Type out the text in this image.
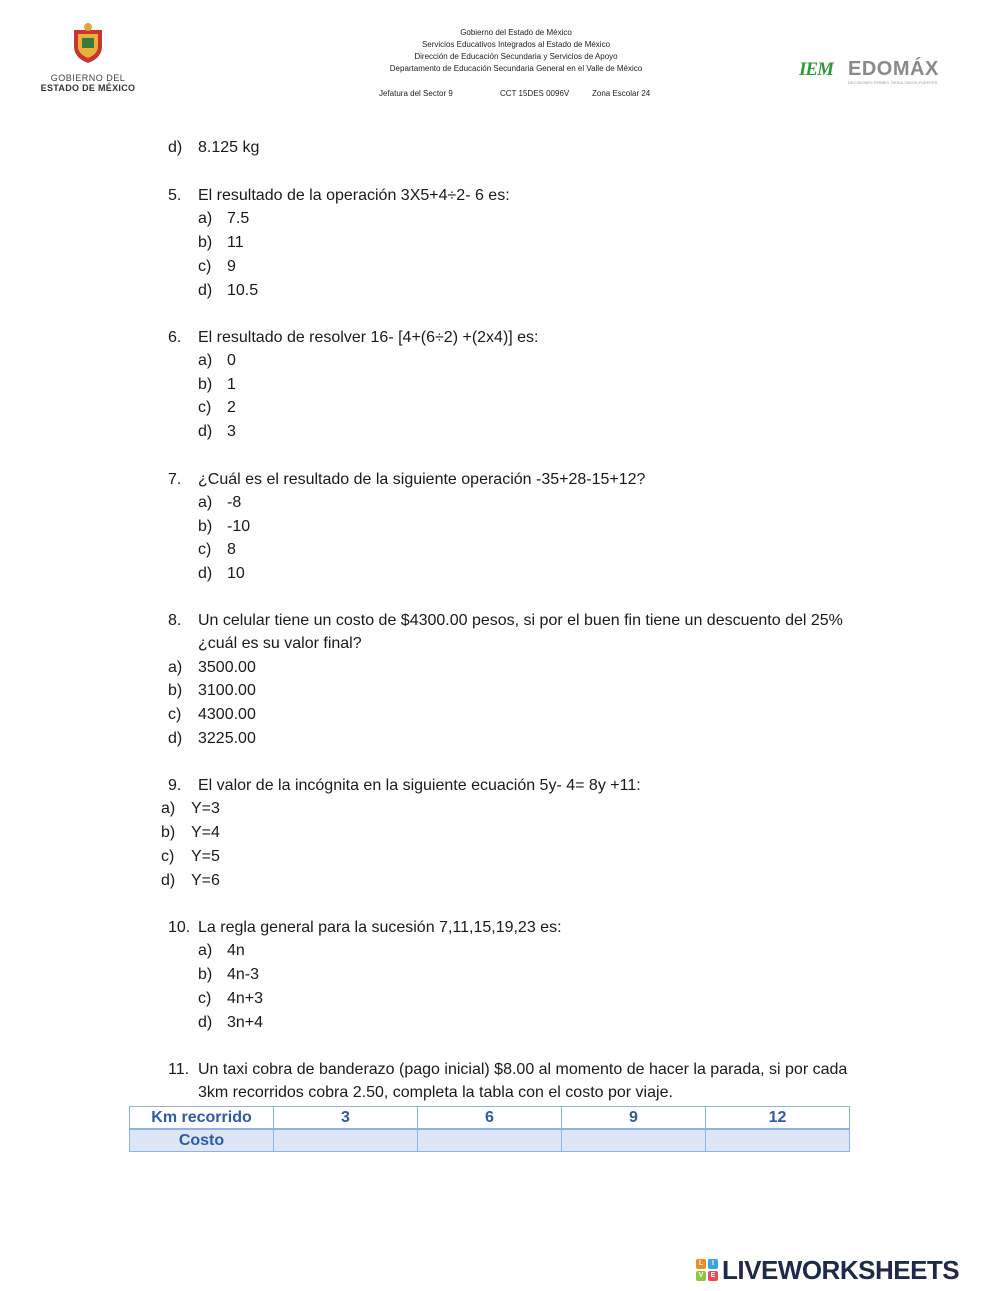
GOBIERNO DEL
ESTADO DE MÉXICO
Gobierno del Estado de México
Servicios Educativos Integrados al Estado de México
Dirección de Educación Secundaria y Servicios de Apoyo
Departamento de Educación Secundaria General en el Valle de México
Jefatura del Sector 9	CCT 15DES 0096V	Zona Escolar 24
IEM EDOMÁX
DECISIONES FIRMES, RESULTADOS FUERTES.
d) 8.125 kg
5. El resultado de la operación 3X5+4÷2- 6 es:
a) 7.5
b) 11
c) 9
d) 10.5
6. El resultado de resolver 16- [4+(6÷2) +(2x4)] es:
a) 0
b) 1
c) 2
d) 3
7. ¿Cuál es el resultado de la siguiente operación -35+28-15+12?
a) -8
b) -10
c) 8
d) 10
8. Un celular tiene un costo de $4300.00 pesos, si por el buen fin tiene un descuento del 25%
¿cuál es su valor final?
a) 3500.00
b) 3100.00
c) 4300.00
d) 3225.00
9. El valor de la incógnita en la siguiente ecuación 5y- 4= 8y +11:
a) Y=3
b) Y=4
c) Y=5
d) Y=6
10. La regla general para la sucesión 7,11,15,19,23 es:
a) 4n
b) 4n-3
c) 4n+3
d) 3n+4
11. Un taxi cobra de banderazo (pago inicial) $8.00 al momento de hacer la parada, si por cada
3km recorridos cobra 2.50, completa la tabla con el costo por viaje.
Km recorrido	3	6	9	12
Costo				
L	I
V	E LIVEWORKSHEETS
